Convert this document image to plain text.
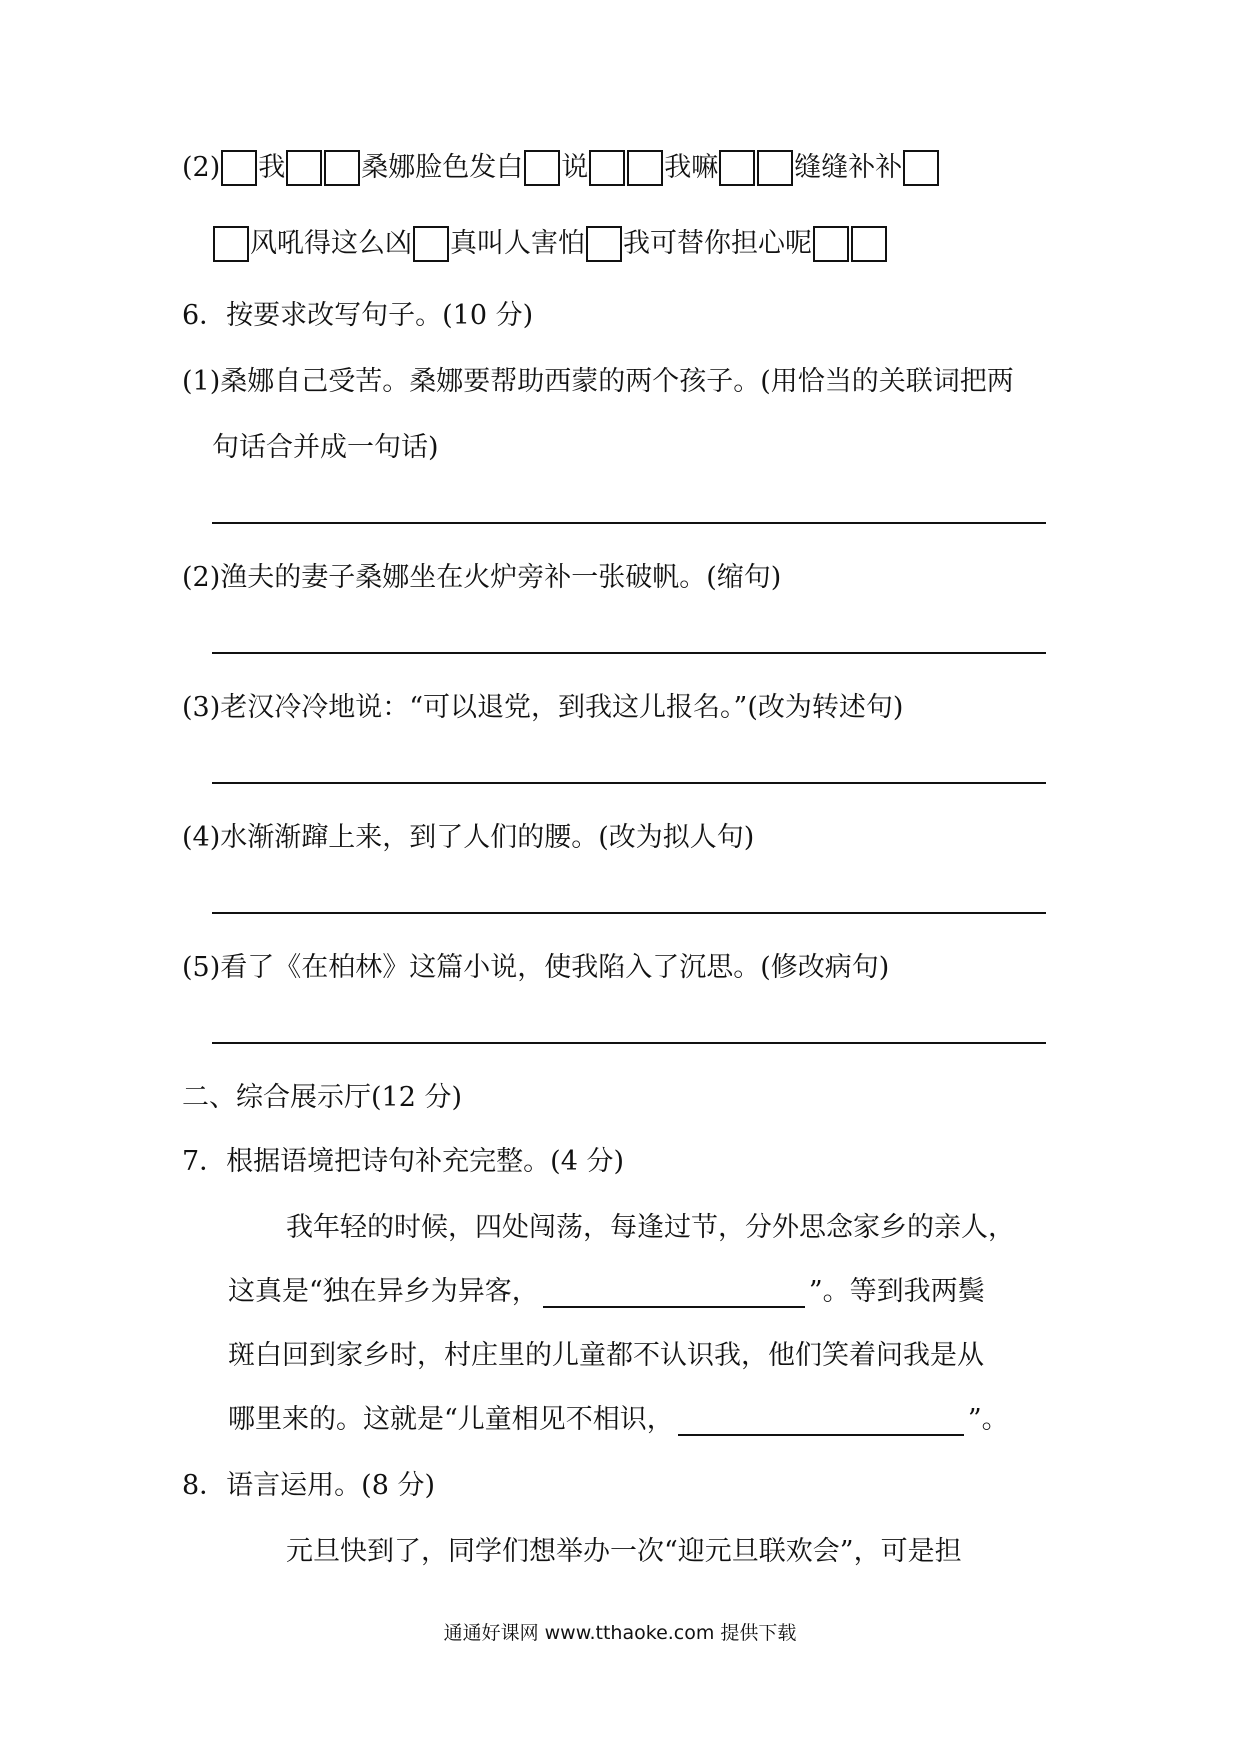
(2) 我	桑娜脸色发白 说	我嘛	缝缝补补
风吼得这么凶 真叫人害怕 我可替你担心呢
6．按要求改写句子。(10 分)
(1)桑娜自己受苦。桑娜要帮助西蒙的两个孩子。(用恰当的关联词把两
句话合并成一句话)
(2)渔夫的妻子桑娜坐在火炉旁补一张破帆。(缩句)
(3)老汉冷冷地说：“可以退党，到我这儿报名。”(改为转述句)
(4)水渐渐蹿上来，到了人们的腰。(改为拟人句)
(5)看了《在柏林》这篇小说，使我陷入了沉思。(修改病句)
二、综合展示厅(12 分)
7．根据语境把诗句补充完整。(4 分)
我年轻的时候，四处闯荡，每逢过节，分外思念家乡的亲人，
这真是“独在异乡为异客，	”。等到我两鬓
斑白回到家乡时，村庄里的儿童都不认识我，他们笑着问我是从
哪里来的。这就是“儿童相见不相识，	”。
8．语言运用。(8 分)
元旦快到了，同学们想举办一次“迎元旦联欢会”，可是担
通通好课网 www.tthaoke.com 提供下载
